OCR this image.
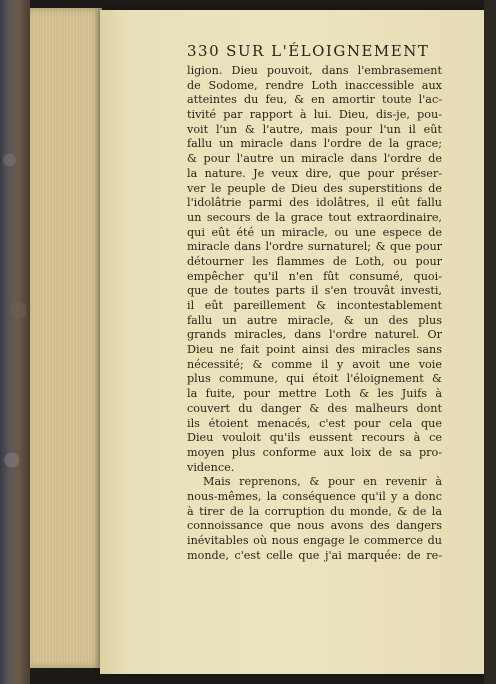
330 SUR L'ÉLOIGNEMENT
ligion. Dieu pouvoit, dans l'embrasement
de Sodome, rendre Loth inaccessible aux
atteintes du feu, & en amortir toute l'ac-
tivité par rapport à lui. Dieu, dis-je, pou-
voit l'un & l'autre, mais pour l'un il eût
fallu un miracle dans l'ordre de la grace;
& pour l'autre un miracle dans l'ordre de
la nature. Je veux dire, que pour préser-
ver le peuple de Dieu des superstitions de
l'idolâtrie parmi des idolâtres, il eût fallu
un secours de la grace tout extraordinaire,
qui eût été un miracle, ou une espece de
miracle dans l'ordre surnaturel; & que pour
détourner les flammes de Loth, ou pour
empêcher qu'il n'en fût consumé, quoi-
que de toutes parts il s'en trouvât investi,
il eût pareillement & incontestablement
fallu un autre miracle, & un des plus
grands miracles, dans l'ordre naturel. Or
Dieu ne fait point ainsi des miracles sans
nécessité; & comme il y avoit une voie
plus commune, qui étoit l'éloignement &
la fuite, pour mettre Loth & les Juifs à
couvert du danger & des malheurs dont
ils étoient menacés, c'est pour cela que
Dieu vouloit qu'ils eussent recours à ce
moyen plus conforme aux loix de sa pro-
vidence.
Mais reprenons, & pour en revenir à
nous-mêmes, la conséquence qu'il y a donc
à tirer de la corruption du monde, & de la
connoissance que nous avons des dangers
inévitables où nous engage le commerce du
monde, c'est celle que j'ai marquée: de re-
